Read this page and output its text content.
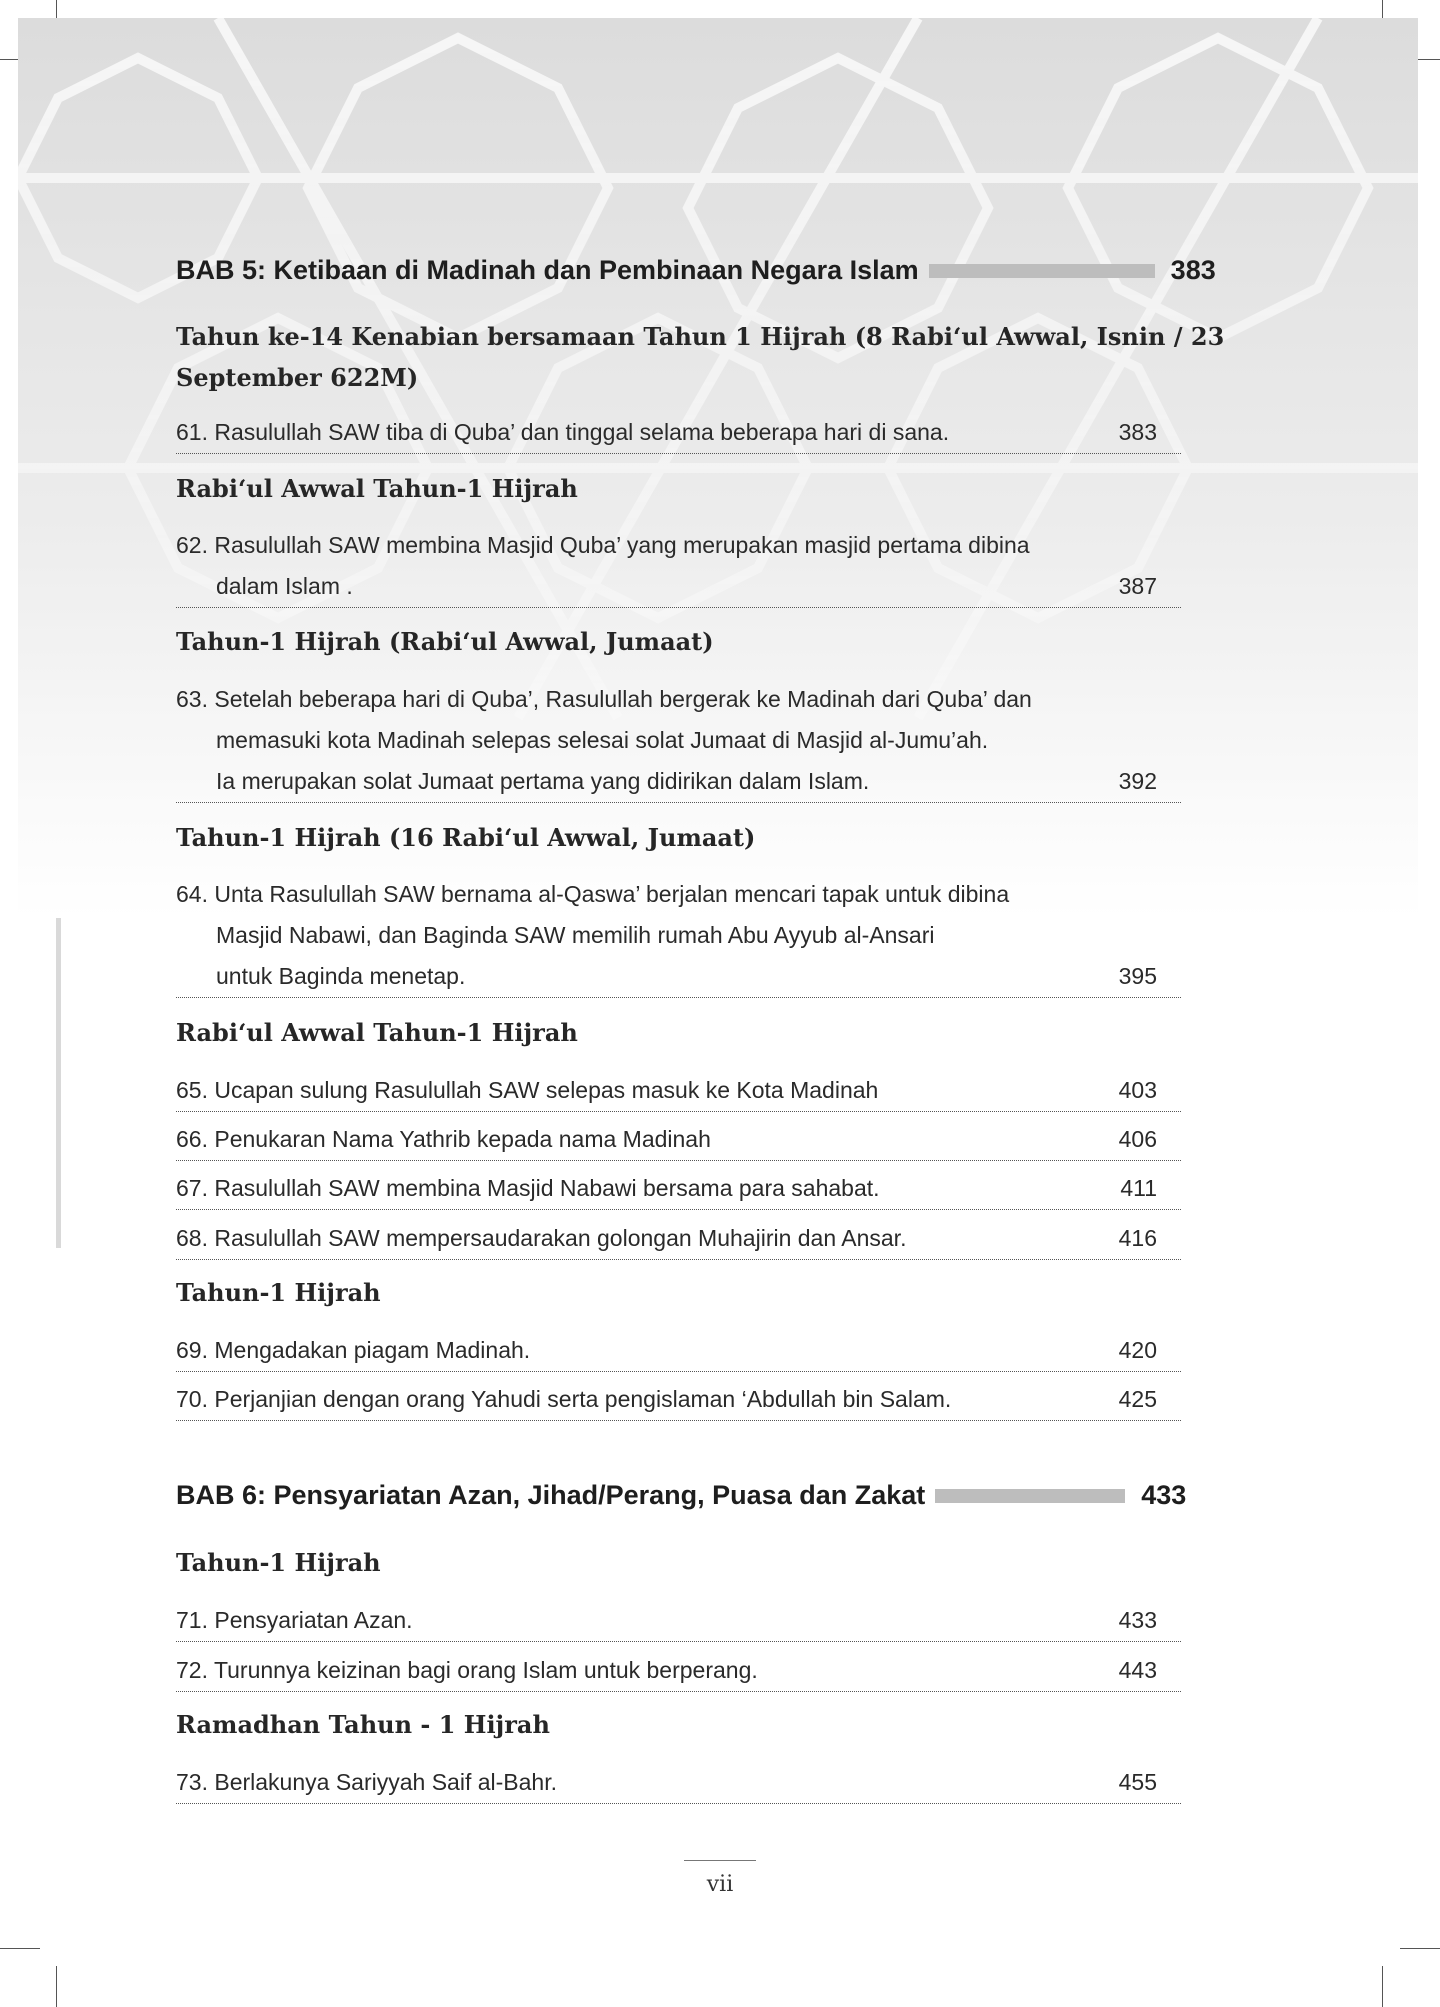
BAB 5: Ketibaan di Madinah dan Pembinaan Negara Islam	383
Tahun ke-14 Kenabian bersamaan Tahun 1 Hijrah (8 Rabi‘ul Awwal, Isnin / 23
September 622M)
61. Rasulullah SAW tiba di Quba’ dan tinggal selama beberapa hari di sana.	383
Rabi‘ul Awwal Tahun-1 Hijrah
62. Rasulullah SAW membina Masjid Quba’ yang merupakan masjid pertama dibina
dalam Islam .	387
Tahun-1 Hijrah (Rabi‘ul Awwal, Jumaat)
63. Setelah beberapa hari di Quba’, Rasulullah bergerak ke Madinah dari Quba’ dan
memasuki kota Madinah selepas selesai solat Jumaat di Masjid al-Jumu’ah.
Ia merupakan solat Jumaat pertama yang didirikan dalam Islam.	392
Tahun-1 Hijrah (16 Rabi‘ul Awwal, Jumaat)
64. Unta Rasulullah SAW bernama al-Qaswa’ berjalan mencari tapak untuk dibina
Masjid Nabawi, dan Baginda SAW memilih rumah Abu Ayyub al-Ansari
untuk Baginda menetap.	395
Rabi‘ul Awwal Tahun-1 Hijrah
65. Ucapan sulung Rasulullah SAW selepas masuk ke Kota Madinah	403
66. Penukaran Nama Yathrib kepada nama Madinah	406
67. Rasulullah SAW membina Masjid Nabawi bersama para sahabat.	411
68. Rasulullah SAW mempersaudarakan golongan Muhajirin dan Ansar.	416
Tahun-1 Hijrah
69. Mengadakan piagam Madinah.	420
70. Perjanjian dengan orang Yahudi serta pengislaman ‘Abdullah bin Salam.	425
BAB 6: Pensyariatan Azan, Jihad/Perang, Puasa dan Zakat	433
Tahun-1 Hijrah
71. Pensyariatan Azan.	433
72. Turunnya keizinan bagi orang Islam untuk berperang.	443
Ramadhan Tahun - 1 Hijrah
73. Berlakunya Sariyyah Saif al-Bahr.	455
vii
